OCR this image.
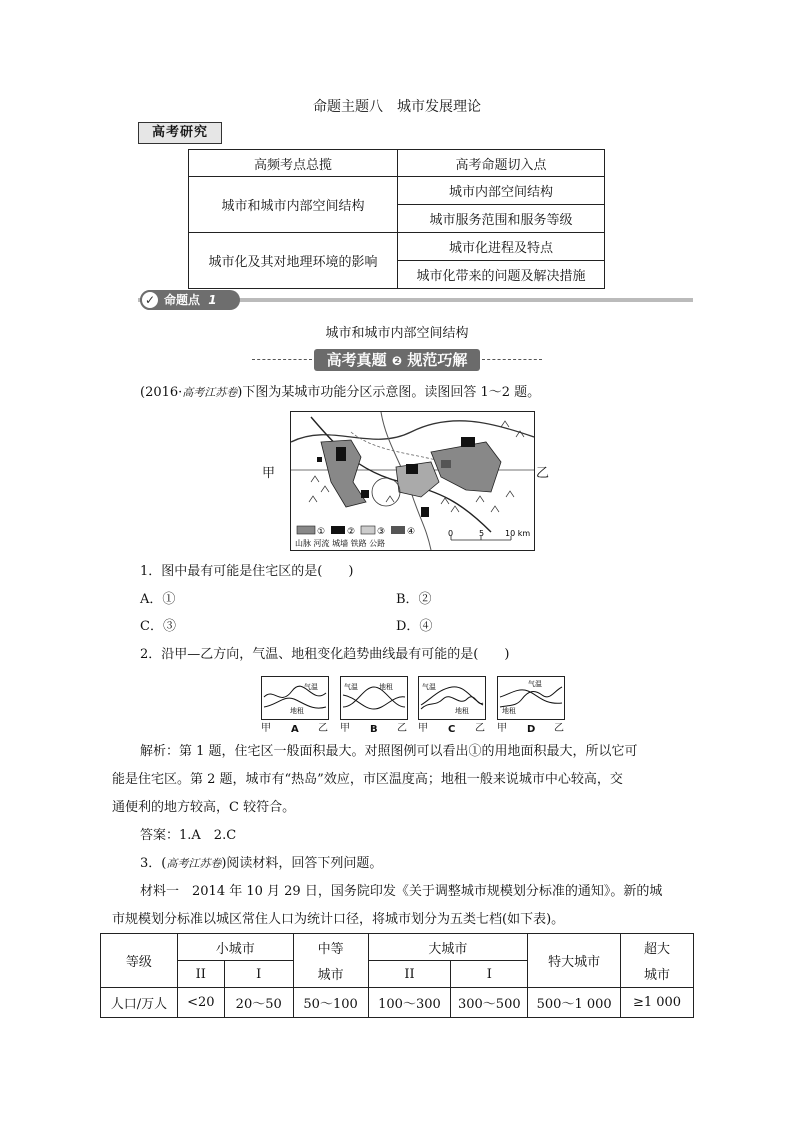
命题主题八　城市发展理论
高考研究
高频考点总揽	高考命题切入点
城市和城市内部空间结构	城市内部空间结构
	城市服务范围和服务等级
城市化及其对地理环境的影响	城市化进程及特点
	城市化带来的问题及解决措施
✓ 命题点 1
城市和城市内部空间结构
高考真题 ❷ 规范巧解
(2016·高考江苏卷)下图为某城市功能分区示意图。读图回答 1～2 题。
① ② ③ ④
山脉 河流 城墙 铁路 公路
0	5	10 km
甲	乙
1．图中最有可能是住宅区的是(　　)
A．①	B．②
C．③	D．④
2．沿甲—乙方向，气温、地租变化趋势曲线最有可能的是(　　)
气温
地租
气温	地租	气温
地租
气温
地租
甲	乙 甲	乙 甲	乙 甲	乙
A	B	C	D
解析：第 1 题，住宅区一般面积最大。对照图例可以看出①的用地面积最大，所以它可
能是住宅区。第 2 题，城市有“热岛”效应，市区温度高；地租一般来说城市中心较高，交
通便利的地方较高，C 较符合。
答案：1.A　2.C
3．(高考江苏卷)阅读材料，回答下列问题。
材料一　2014 年 10 月 29 日，国务院印发《关于调整城市规模划分标准的通知》。新的城
市规模划分标准以城区常住人口为统计口径，将城市划分为五类七档(如下表)。
等级	小城市		中等	大城市		特大城市	超大
	II	I	城市	II	I		城市
人口/万人	<20	20～50	50～100	100～300	300～500	500～1 000	≥1 000
